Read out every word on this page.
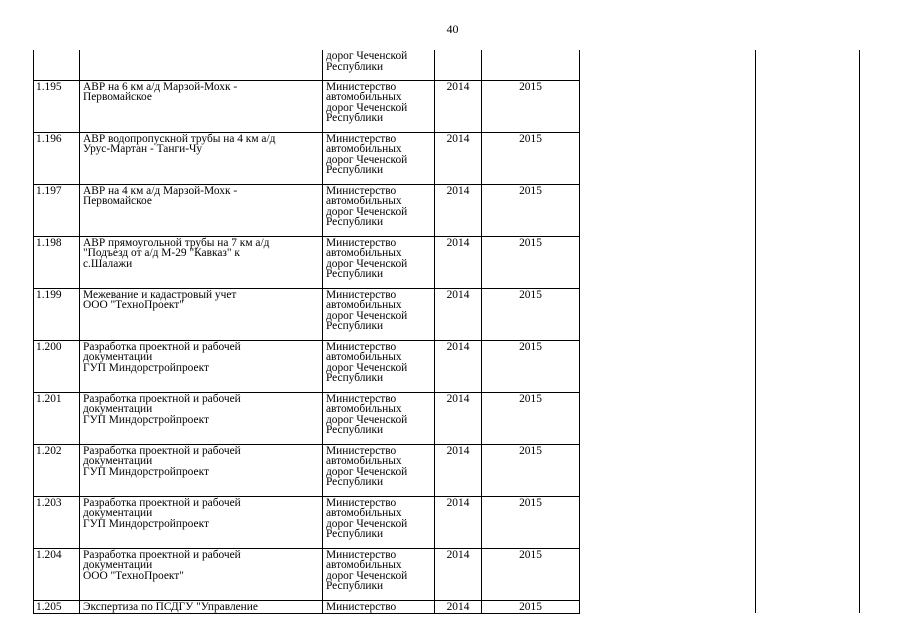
40
		дорог Чеченской
Республики				
1.195	АВР на 6 км а/д Марзой-Мохк -
Первомайское	Министерство
автомобильных
дорог Чеченской
Республики	2014	2015		
1.196	АВР водопропускной трубы на 4 км а/д
Урус-Мартан - Танги-Чу	Министерство
автомобильных
дорог Чеченской
Республики	2014	2015		
1.197	АВР на 4 км а/д Марзой-Мохк -
Первомайское	Министерство
автомобильных
дорог Чеченской
Республики	2014	2015		
1.198	АВР прямоугольной трубы на 7 км а/д
"Подъезд от а/д М-29 "Кавказ" к
с.Шалажи	Министерство
автомобильных
дорог Чеченской
Республики	2014	2015		
1.199	Межевание и кадастровый учет
ООО "ТехноПроект"	Министерство
автомобильных
дорог Чеченской
Республики	2014	2015		
1.200	Разработка проектной и рабочей
документации
ГУП Миндорстройпроект	Министерство
автомобильных
дорог Чеченской
Республики	2014	2015		
1.201	Разработка проектной и рабочей
документации
ГУП Миндорстройпроект	Министерство
автомобильных
дорог Чеченской
Республики	2014	2015		
1.202	Разработка проектной и рабочей
документации
ГУП Миндорстройпроект	Министерство
автомобильных
дорог Чеченской
Республики	2014	2015		
1.203	Разработка проектной и рабочей
документации
ГУП Миндорстройпроект	Министерство
автомобильных
дорог Чеченской
Республики	2014	2015		
1.204	Разработка проектной и рабочей
документации
ООО "ТехноПроект"	Министерство
автомобильных
дорог Чеченской
Республики	2014	2015		
1.205	Экспертиза по ПСДГУ "Управление	Министерство	2014	2015		
